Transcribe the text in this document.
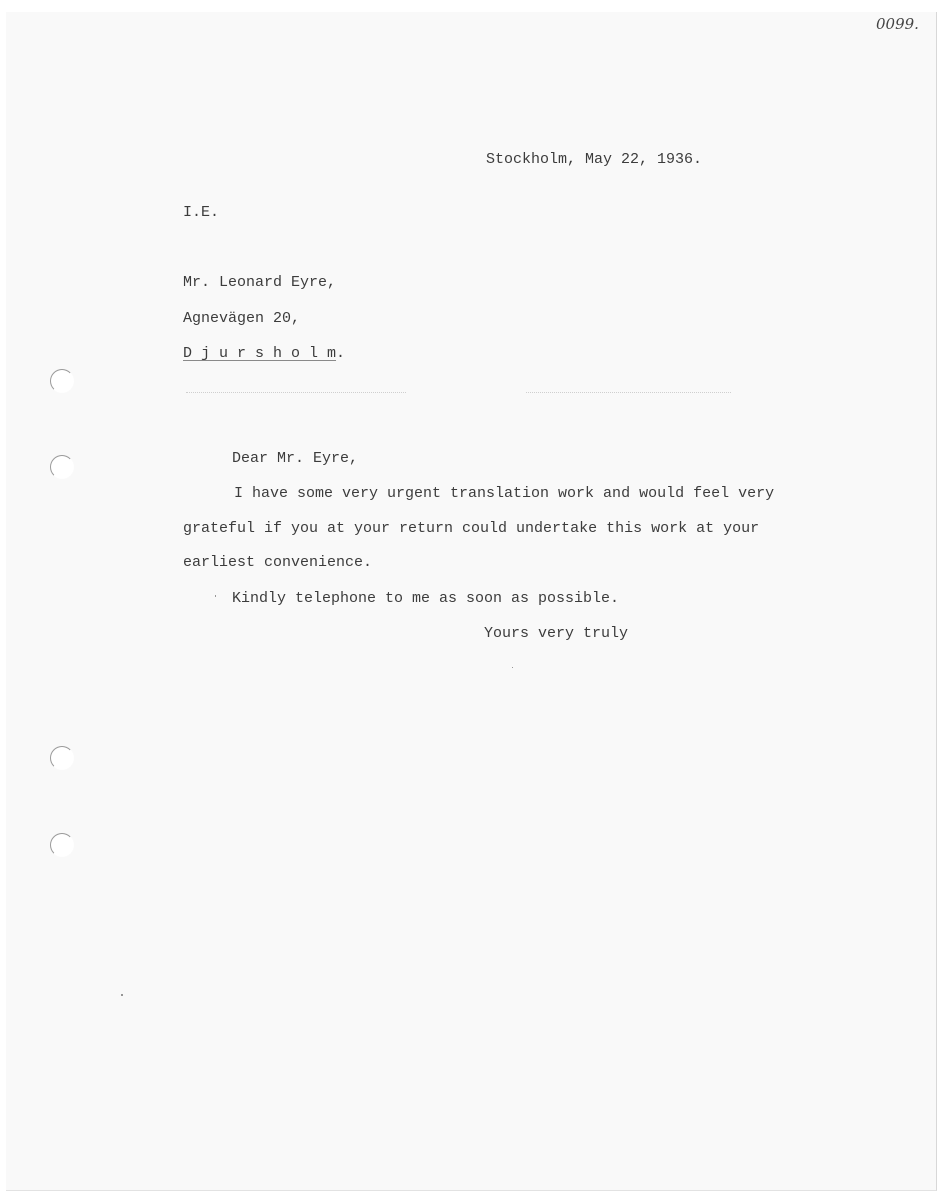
0099.
Stockholm, May 22, 1936.
I.E.
Mr. Leonard Eyre,
Agnevägen 20,
D j u r s h o l m.
Dear Mr. Eyre,
I have some very urgent translation work and would feel very
grateful if you at your return could undertake this work at your
earliest convenience.
Kindly telephone to me as soon as possible.
Yours very truly
